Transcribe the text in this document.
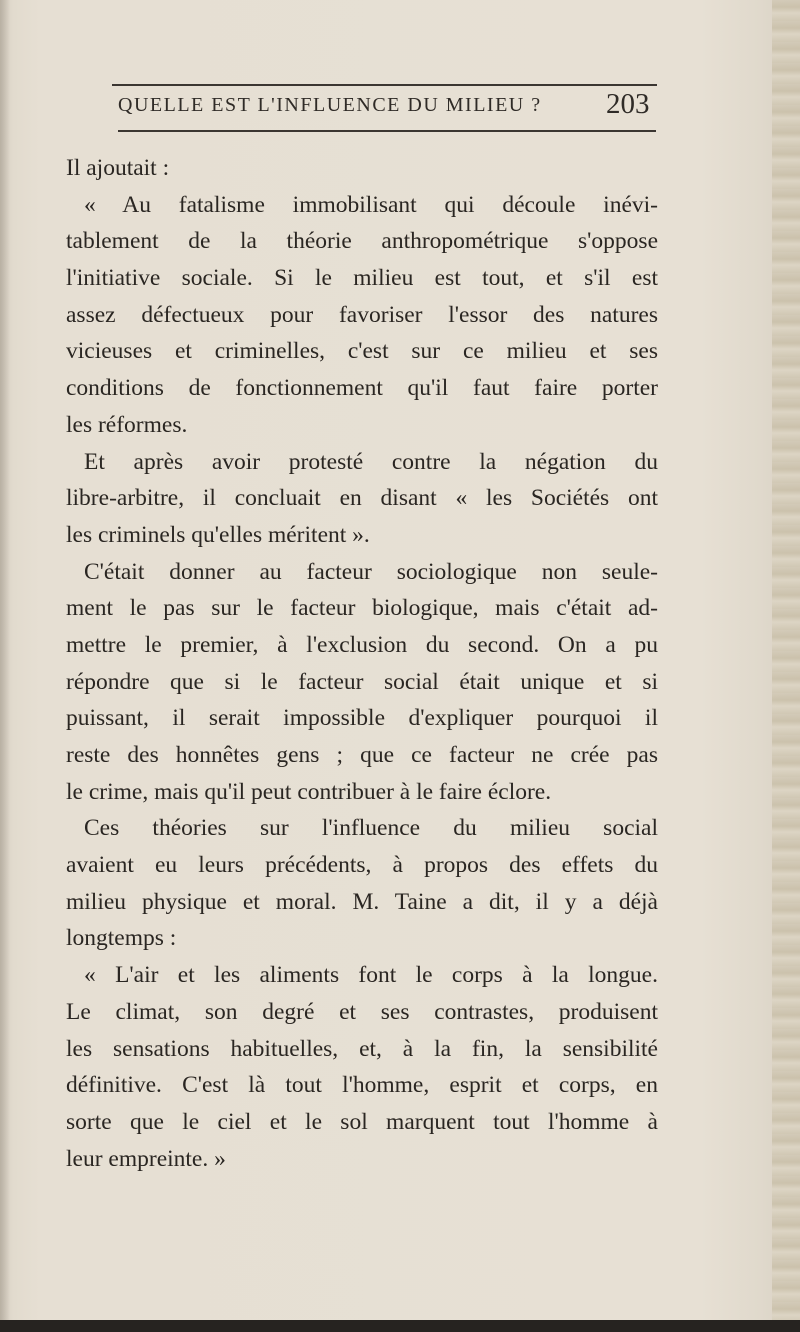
QUELLE EST L'INFLUENCE DU MILIEU ?	203
Il ajoutait :
« Au fatalisme immobilisant qui découle inévi-
tablement de la théorie anthropométrique s'oppose
l'initiative sociale. Si le milieu est tout, et s'il est
assez défectueux pour favoriser l'essor des natures
vicieuses et criminelles, c'est sur ce milieu et ses
conditions de fonctionnement qu'il faut faire porter
les réformes.
Et après avoir protesté contre la négation du
libre-arbitre, il concluait en disant « les Sociétés ont
les criminels qu'elles méritent ».
C'était donner au facteur sociologique non seule-
ment le pas sur le facteur biologique, mais c'était ad-
mettre le premier, à l'exclusion du second. On a pu
répondre que si le facteur social était unique et si
puissant, il serait impossible d'expliquer pourquoi il
reste des honnêtes gens ; que ce facteur ne crée pas
le crime, mais qu'il peut contribuer à le faire éclore.
Ces théories sur l'influence du milieu social
avaient eu leurs précédents, à propos des effets du
milieu physique et moral. M. Taine a dit, il y a déjà
longtemps :
« L'air et les aliments font le corps à la longue.
Le climat, son degré et ses contrastes, produisent
les sensations habituelles, et, à la fin, la sensibilité
définitive. C'est là tout l'homme, esprit et corps, en
sorte que le ciel et le sol marquent tout l'homme à
leur empreinte. »
